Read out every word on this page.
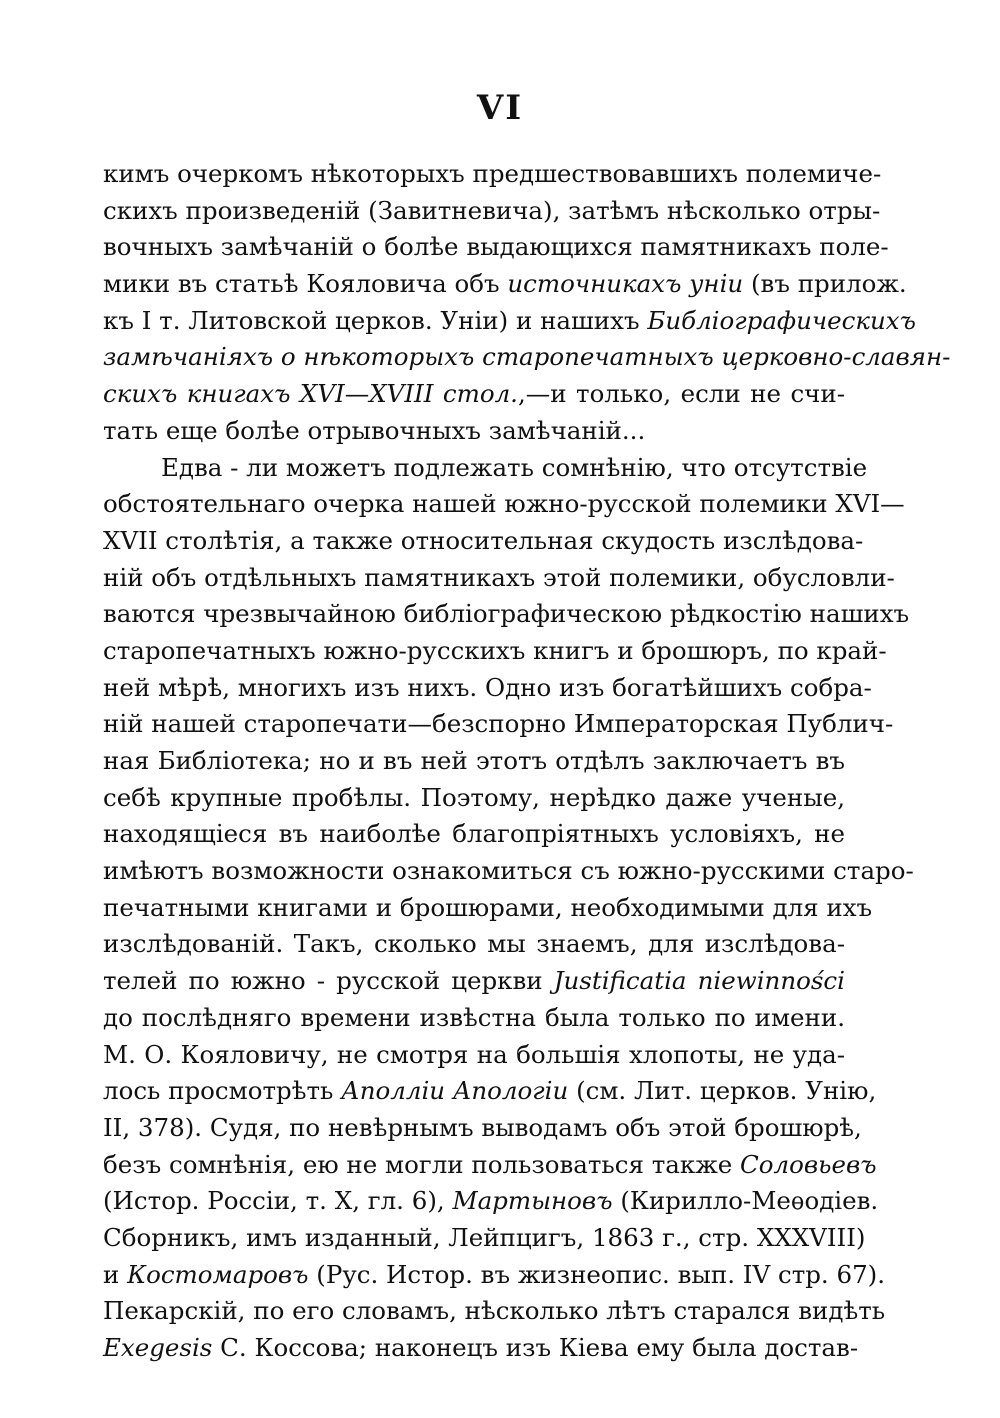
VI
кимъ очеркомъ нѣкоторыхъ предшествовавшихъ полемиче-
скихъ произведенiй (Завитневича), затѣмъ нѣсколько отры-
вочныхъ замѣчанiй о болѣе выдающихся памятникахъ поле-
мики въ статьѣ Кояловича объ источникахъ унiи (въ прилож.
къ I т. Литовской церков. Унiи) и нашихъ Библiографическихъ
замѣчанiяхъ о нѣкоторыхъ старопечатныхъ церковно-славян-
скихъ книгахъ XVI—XVIII стол.,—и только, если не счи-
тать еще болѣе отрывочныхъ замѣчанiй...
Едва - ли можетъ подлежать сомнѣнiю, что отсутствiе
обстоятельнаго очерка нашей южно-русской полемики XVI—
XVII столѣтiя, а также относительная скудость изслѣдова-
нiй объ отдѣльныхъ памятникахъ этой полемики, обусловли-
ваются чрезвычайною библiографическою рѣдкостiю нашихъ
старопечатныхъ южно-русскихъ книгъ и брошюръ, по край-
ней мѣрѣ, многихъ изъ нихъ. Одно изъ богатѣйшихъ собра-
нiй нашей старопечати—безспорно Императорская Публич-
ная Библiотека; но и въ ней этотъ отдѣлъ заключаетъ въ
себѣ крупные пробѣлы. Поэтому, нерѣдко даже ученые,
находящiеся въ наиболѣе благопрiятныхъ условiяхъ, не
имѣютъ возможности ознакомиться съ южно-русскими старо-
печатными книгами и брошюрами, необходимыми для ихъ
изслѣдованiй. Такъ, сколько мы знаемъ, для изслѣдова-
телей по южно - русской церкви Justificatia niewinności
до послѣдняго времени извѣстна была только по имени.
М. О. Кояловичу, не смотря на большiя хлопоты, не уда-
лось просмотрѣть Аполлiи Апологiи (см. Лит. церков. Унiю,
II, 378). Судя, по невѣрнымъ выводамъ объ этой брошюрѣ,
безъ сомнѣнiя, ею не могли пользоваться также Соловьевъ
(Истор. Россiи, т. X, гл. 6), Мартыновъ (Кирилло-Меѳодiев.
Сборникъ, имъ изданный, Лейпцигъ, 1863 г., стр. XXXVIII)
и Костомаровъ (Рус. Истор. въ жизнеопис. вып. IV стр. 67).
Пекарскiй, по его словамъ, нѣсколько лѣтъ старался видѣть
Exegesis С. Коссова; наконецъ изъ Кiева ему была достав-
